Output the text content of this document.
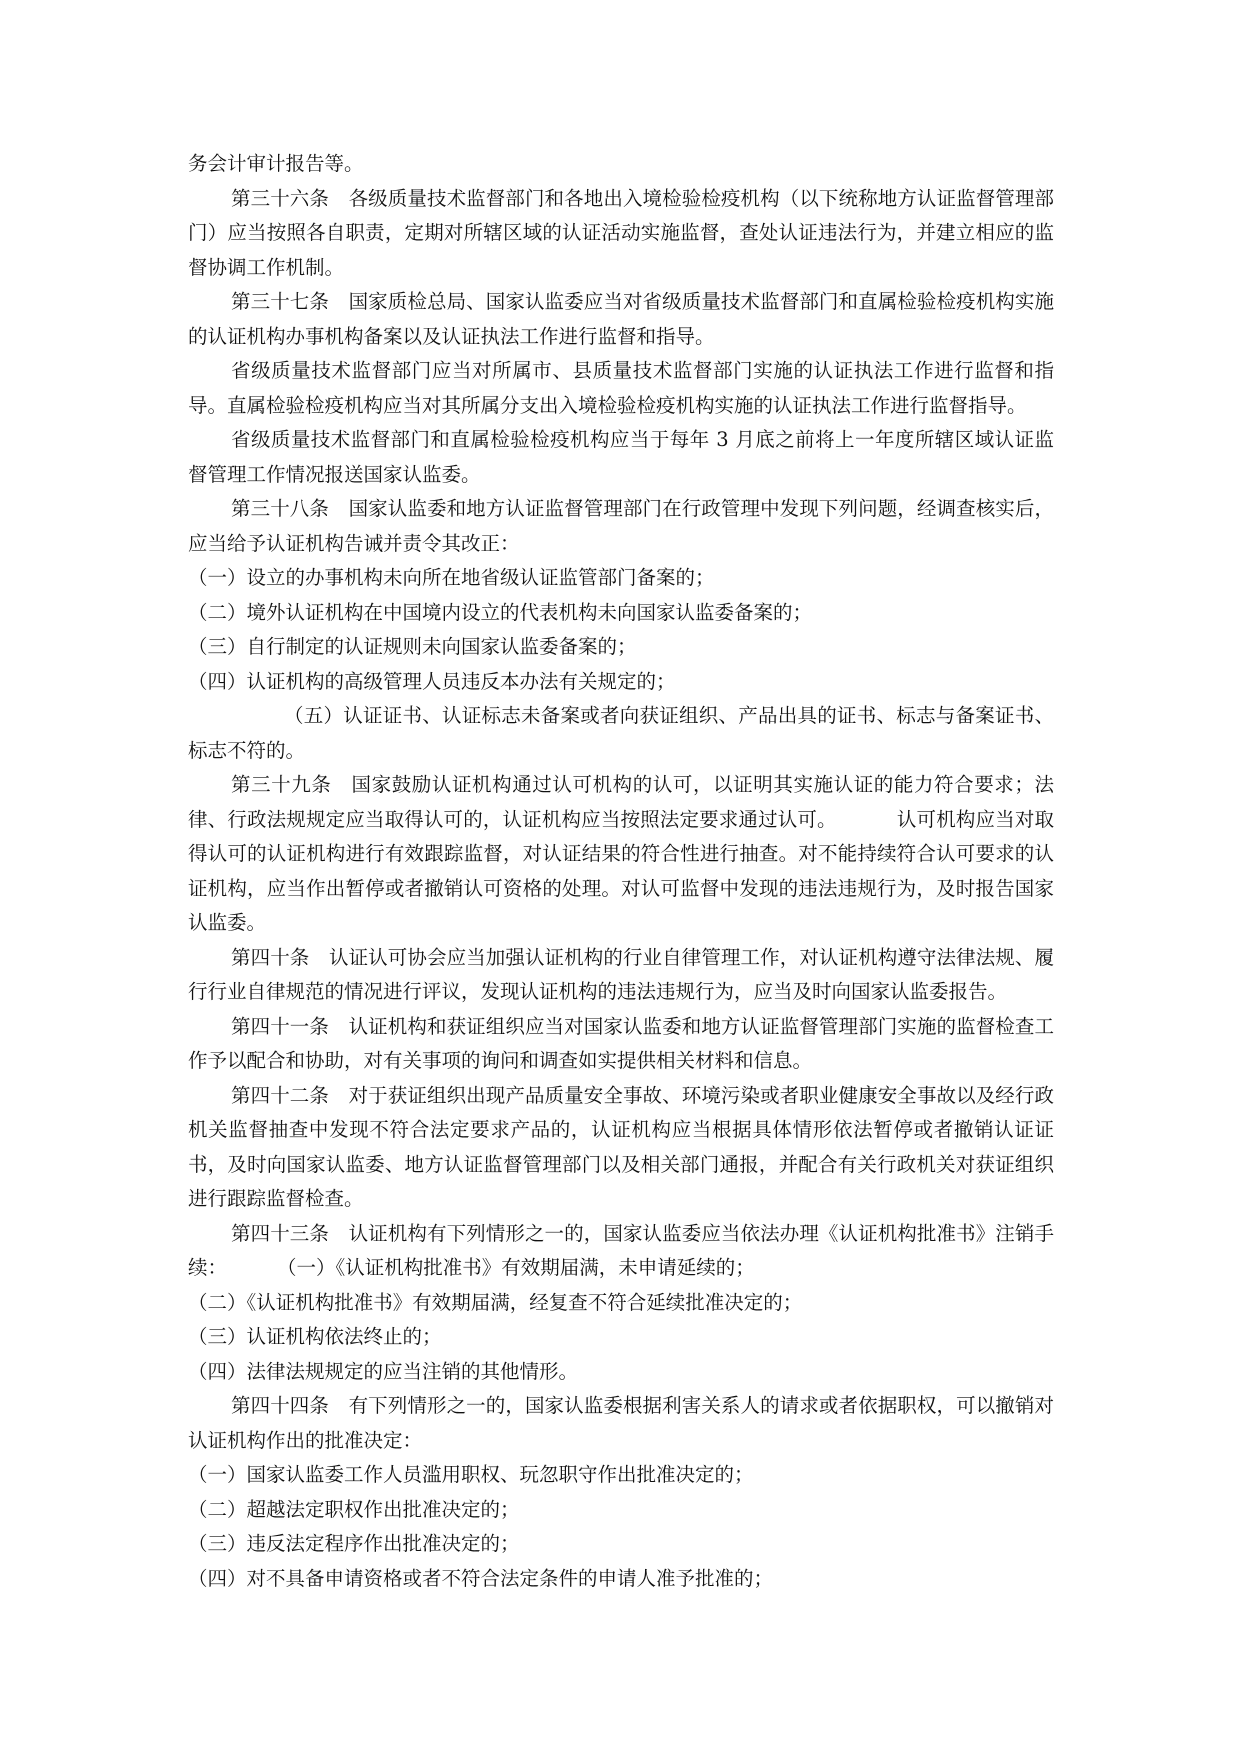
务会计审计报告等。

第三十六条　各级质量技术监督部门和各地出入境检验检疫机构（以下统称地方认证监督管理部门）应当按照各自职责，定期对所辖区域的认证活动实施监督，查处认证违法行为，并建立相应的监督协调工作机制。

第三十七条　国家质检总局、国家认监委应当对省级质量技术监督部门和直属检验检疫机构实施的认证机构办事机构备案以及认证执法工作进行监督和指导。

省级质量技术监督部门应当对所属市、县质量技术监督部门实施的认证执法工作进行监督和指导。直属检验检疫机构应当对其所属分支出入境检验检疫机构实施的认证执法工作进行监督指导。

省级质量技术监督部门和直属检验检疫机构应当于每年 3 月底之前将上一年度所辖区域认证监督管理工作情况报送国家认监委。

第三十八条　国家认监委和地方认证监督管理部门在行政管理中发现下列问题，经调查核实后，应当给予认证机构告诫并责令其改正：

（一）设立的办事机构未向所在地省级认证监管部门备案的；

（二）境外认证机构在中国境内设立的代表机构未向国家认监委备案的；

（三）自行制定的认证规则未向国家认监委备案的；

（四）认证机构的高级管理人员违反本办法有关规定的；

（五）认证证书、认证标志未备案或者向获证组织、产品出具的证书、标志与备案证书、标志不符的。

第三十九条　国家鼓励认证机构通过认可机构的认可，以证明其实施认证的能力符合要求；法律、行政法规规定应当取得认可的，认证机构应当按照法定要求通过认可。	认可机构应当对取得认可的认证机构进行有效跟踪监督，对认证结果的符合性进行抽查。对不能持续符合认可要求的认证机构，应当作出暂停或者撤销认可资格的处理。对认可监督中发现的违法违规行为，及时报告国家认监委。

第四十条　认证认可协会应当加强认证机构的行业自律管理工作，对认证机构遵守法律法规、履行行业自律规范的情况进行评议，发现认证机构的违法违规行为，应当及时向国家认监委报告。

第四十一条　认证机构和获证组织应当对国家认监委和地方认证监督管理部门实施的监督检查工作予以配合和协助，对有关事项的询问和调查如实提供相关材料和信息。

第四十二条　对于获证组织出现产品质量安全事故、环境污染或者职业健康安全事故以及经行政机关监督抽查中发现不符合法定要求产品的，认证机构应当根据具体情形依法暂停或者撤销认证证书，及时向国家认监委、地方认证监督管理部门以及相关部门通报，并配合有关行政机关对获证组织进行跟踪监督检查。

第四十三条　认证机构有下列情形之一的，国家认监委应当依法办理《认证机构批准书》注销手续：	（一）《认证机构批准书》有效期届满，未申请延续的；

（二）《认证机构批准书》有效期届满，经复查不符合延续批准决定的；

（三）认证机构依法终止的；

（四）法律法规规定的应当注销的其他情形。

第四十四条　有下列情形之一的，国家认监委根据利害关系人的请求或者依据职权，可以撤销对认证机构作出的批准决定：

（一）国家认监委工作人员滥用职权、玩忽职守作出批准决定的；

（二）超越法定职权作出批准决定的；

（三）违反法定程序作出批准决定的；

（四）对不具备申请资格或者不符合法定条件的申请人准予批准的；
